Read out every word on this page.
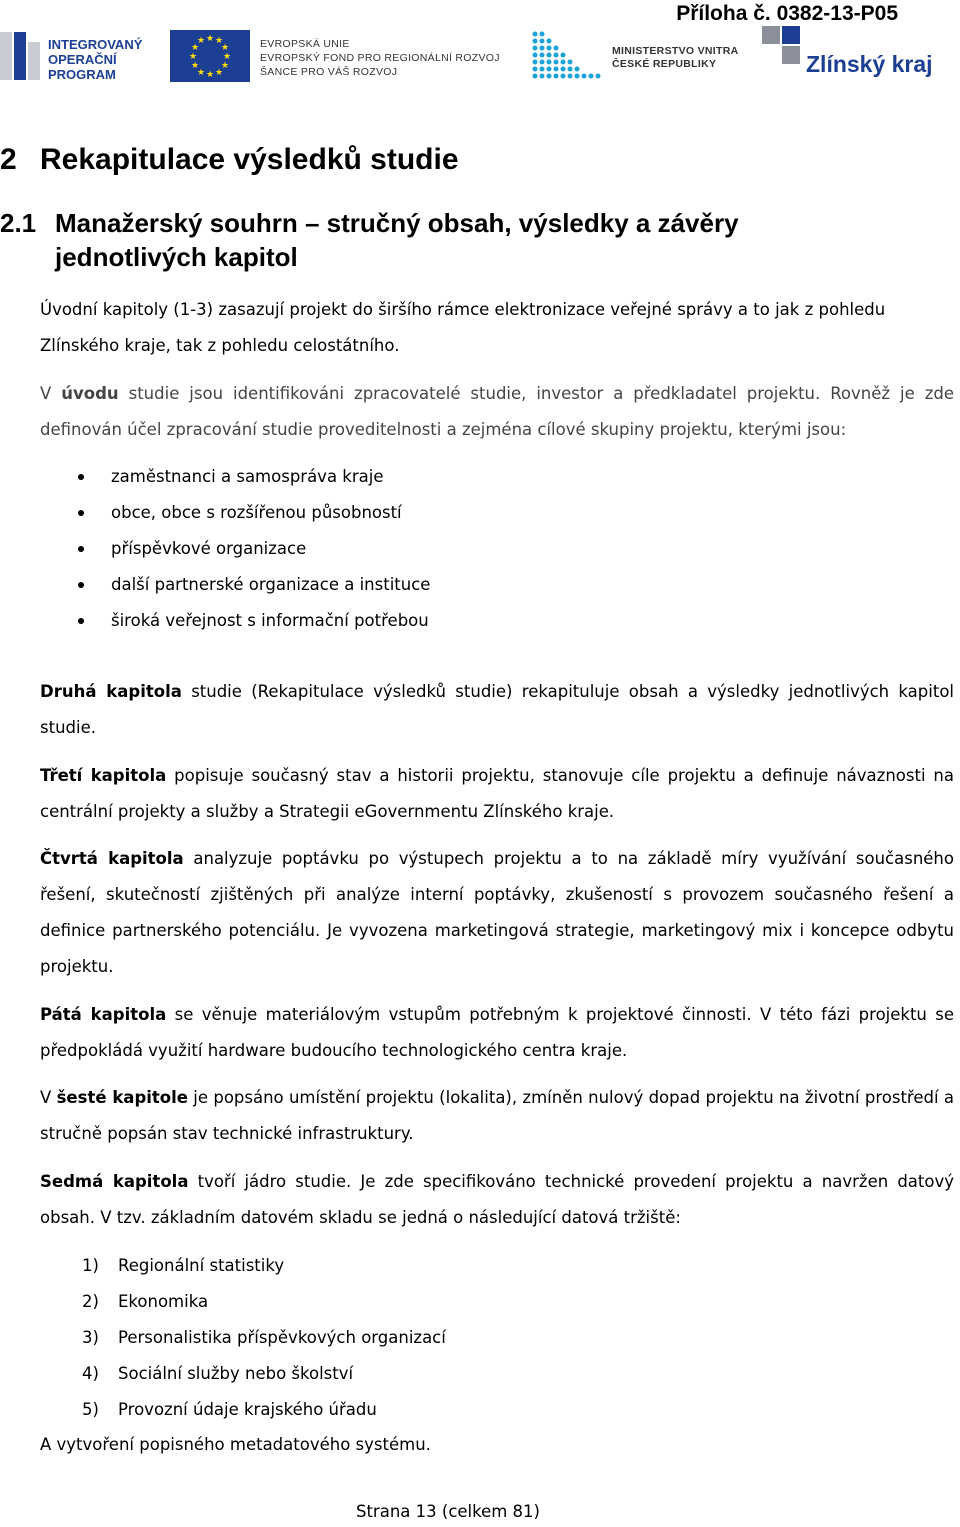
Příloha č. 0382-13-P05
INTEGROVANÝ
OPERAČNÍ
PROGRAM
★ ★
★
★
★
★
★
★
★
★
★
★	EVROPSKÁ UNIE
EVROPSKÝ FOND PRO REGIONÁLNÍ ROZVOJ
ŠANCE PRO VÁŠ ROZVOJ
MINISTERSTVO VNITRA
ČESKÉ REPUBLIKY	Zlínský kraj
2 Rekapitulace výsledků studie
2.1 Manažerský souhrn – stručný obsah, výsledky a závěry jednotlivých kapitol

Úvodní kapitoly (1-3) zasazují projekt do širšího rámce elektronizace veřejné správy a to jak z pohledu Zlínského kraje, tak z pohledu celostátního.

V úvodu studie jsou identifikováni zpracovatelé studie, investor a předkladatel projektu. Rovněž je zde definován účel zpracování studie proveditelnosti a zejména cílové skupiny projektu, kterými jsou:

zaměstnanci a samospráva kraje
obce, obce s rozšířenou působností
příspěvkové organizace
další partnerské organizace a instituce
široká veřejnost s informační potřebou

Druhá kapitola studie (Rekapitulace výsledků studie) rekapituluje obsah a výsledky jednotlivých kapitol studie.

Třetí kapitola popisuje současný stav a historii projektu, stanovuje cíle projektu a definuje návaznosti na centrální projekty a služby a Strategii eGovernmentu Zlínského kraje.

Čtvrtá kapitola analyzuje poptávku po výstupech projektu a to na základě míry využívání současného řešení, skutečností zjištěných při analýze interní poptávky, zkušeností s provozem současného řešení a definice partnerského potenciálu. Je vyvozena marketingová strategie, marketingový mix i koncepce odbytu projektu.

Pátá kapitola se věnuje materiálovým vstupům potřebným k projektové činnosti. V této fázi projektu se předpokládá využití hardware budoucího technologického centra kraje.

V šesté kapitole je popsáno umístění projektu (lokalita), zmíněn nulový dopad projektu na životní prostředí a stručně popsán stav technické infrastruktury.

Sedmá kapitola tvoří jádro studie. Je zde specifikováno technické provedení projektu a navržen datový obsah. V tzv. základním datovém skladu se jedná o následující datová tržiště:

1) Regionální statistiky
2) Ekonomika
3) Personalistika příspěvkových organizací
4) Sociální služby nebo školství
5) Provozní údaje krajského úřadu

A vytvoření popisného metadatového systému.

Strana 13 (celkem 81)
